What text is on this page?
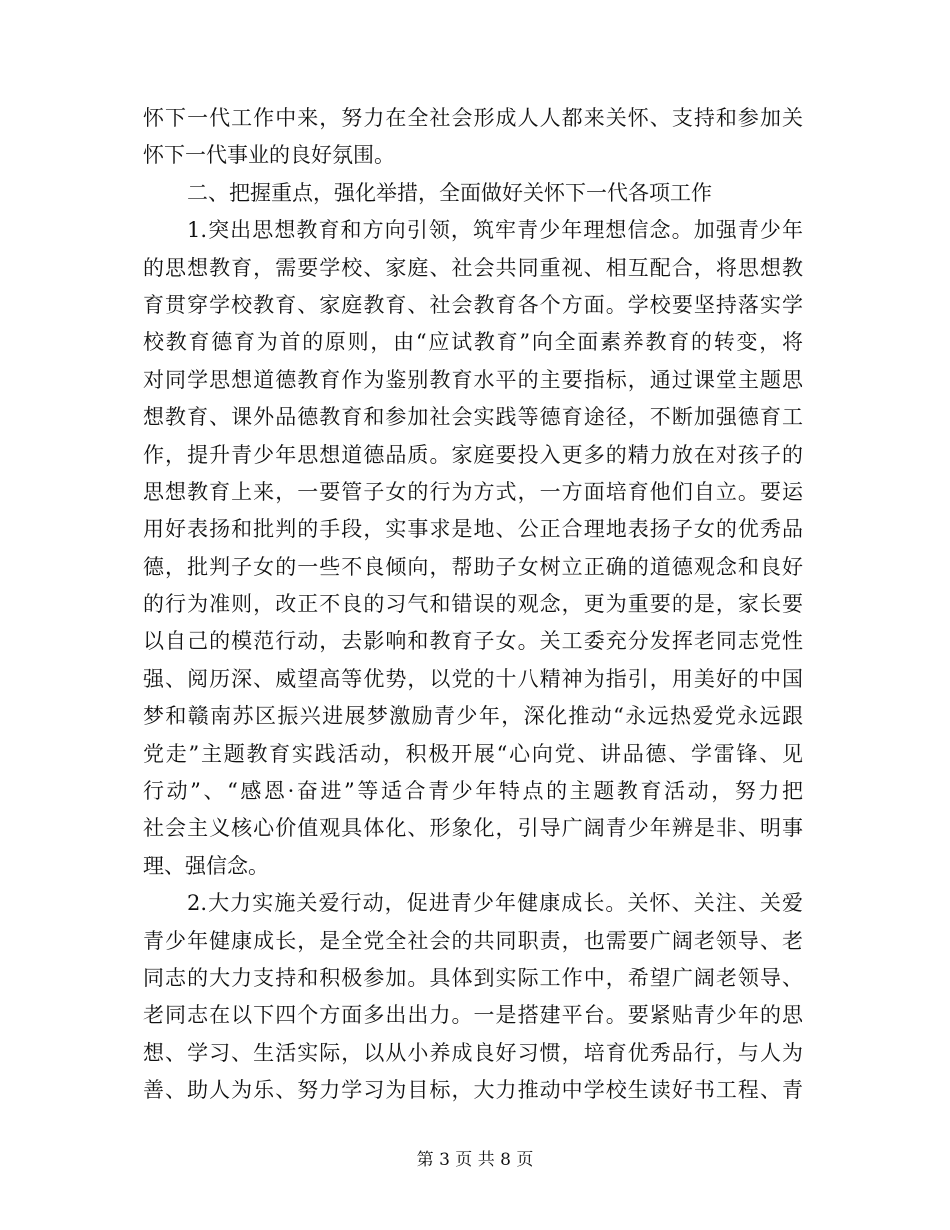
怀下一代工作中来，努力在全社会形成人人都来关怀、支持和参加关
怀下一代事业的良好氛围。
二、把握重点，强化举措，全面做好关怀下一代各项工作
1.突出思想教育和方向引领，筑牢青少年理想信念。加强青少年
的思想教育，需要学校、家庭、社会共同重视、相互配合，将思想教
育贯穿学校教育、家庭教育、社会教育各个方面。学校要坚持落实学
校教育德育为首的原则，由“应试教育”向全面素养教育的转变，将
对同学思想道德教育作为鉴别教育水平的主要指标，通过课堂主题思
想教育、课外品德教育和参加社会实践等德育途径，不断加强德育工
作，提升青少年思想道德品质。家庭要投入更多的精力放在对孩子的
思想教育上来，一要管子女的行为方式，一方面培育他们自立。要运
用好表扬和批判的手段，实事求是地、公正合理地表扬子女的优秀品
德，批判子女的一些不良倾向，帮助子女树立正确的道德观念和良好
的行为准则，改正不良的习气和错误的观念，更为重要的是，家长要
以自己的模范行动，去影响和教育子女。关工委充分发挥老同志党性
强、阅历深、威望高等优势，以党的十八精神为指引，用美好的中国
梦和赣南苏区振兴进展梦激励青少年，深化推动“永远热爱党永远跟
党走”主题教育实践活动，积极开展“心向党、讲品德、学雷锋、见
行动”、“感恩·奋进”等适合青少年特点的主题教育活动，努力把
社会主义核心价值观具体化、形象化，引导广阔青少年辨是非、明事
理、强信念。
2.大力实施关爱行动，促进青少年健康成长。关怀、关注、关爱
青少年健康成长，是全党全社会的共同职责，也需要广阔老领导、老
同志的大力支持和积极参加。具体到实际工作中，希望广阔老领导、
老同志在以下四个方面多出出力。一是搭建平台。要紧贴青少年的思
想、学习、生活实际，以从小养成良好习惯，培育优秀品行，与人为
善、助人为乐、努力学习为目标，大力推动中学校生读好书工程、青
第 3 页 共 8 页
